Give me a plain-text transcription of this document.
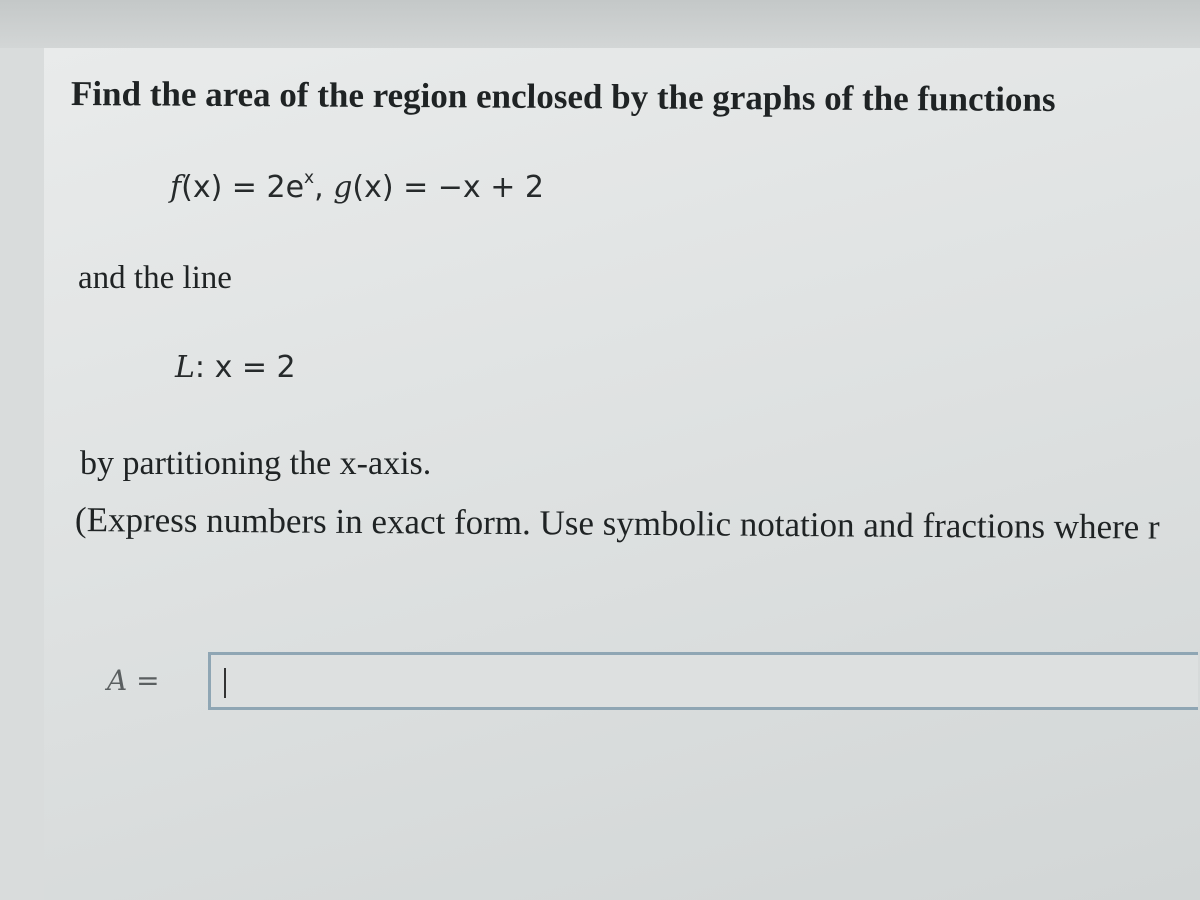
Find the area of the region enclosed by the graphs of the functions
$f(x) = 2e^x$, g(x) = −x + 2
and the line
L: x = 2
by partitioning the x-axis.
(Express numbers in exact form. Use symbolic notation and fractions where r
A =
